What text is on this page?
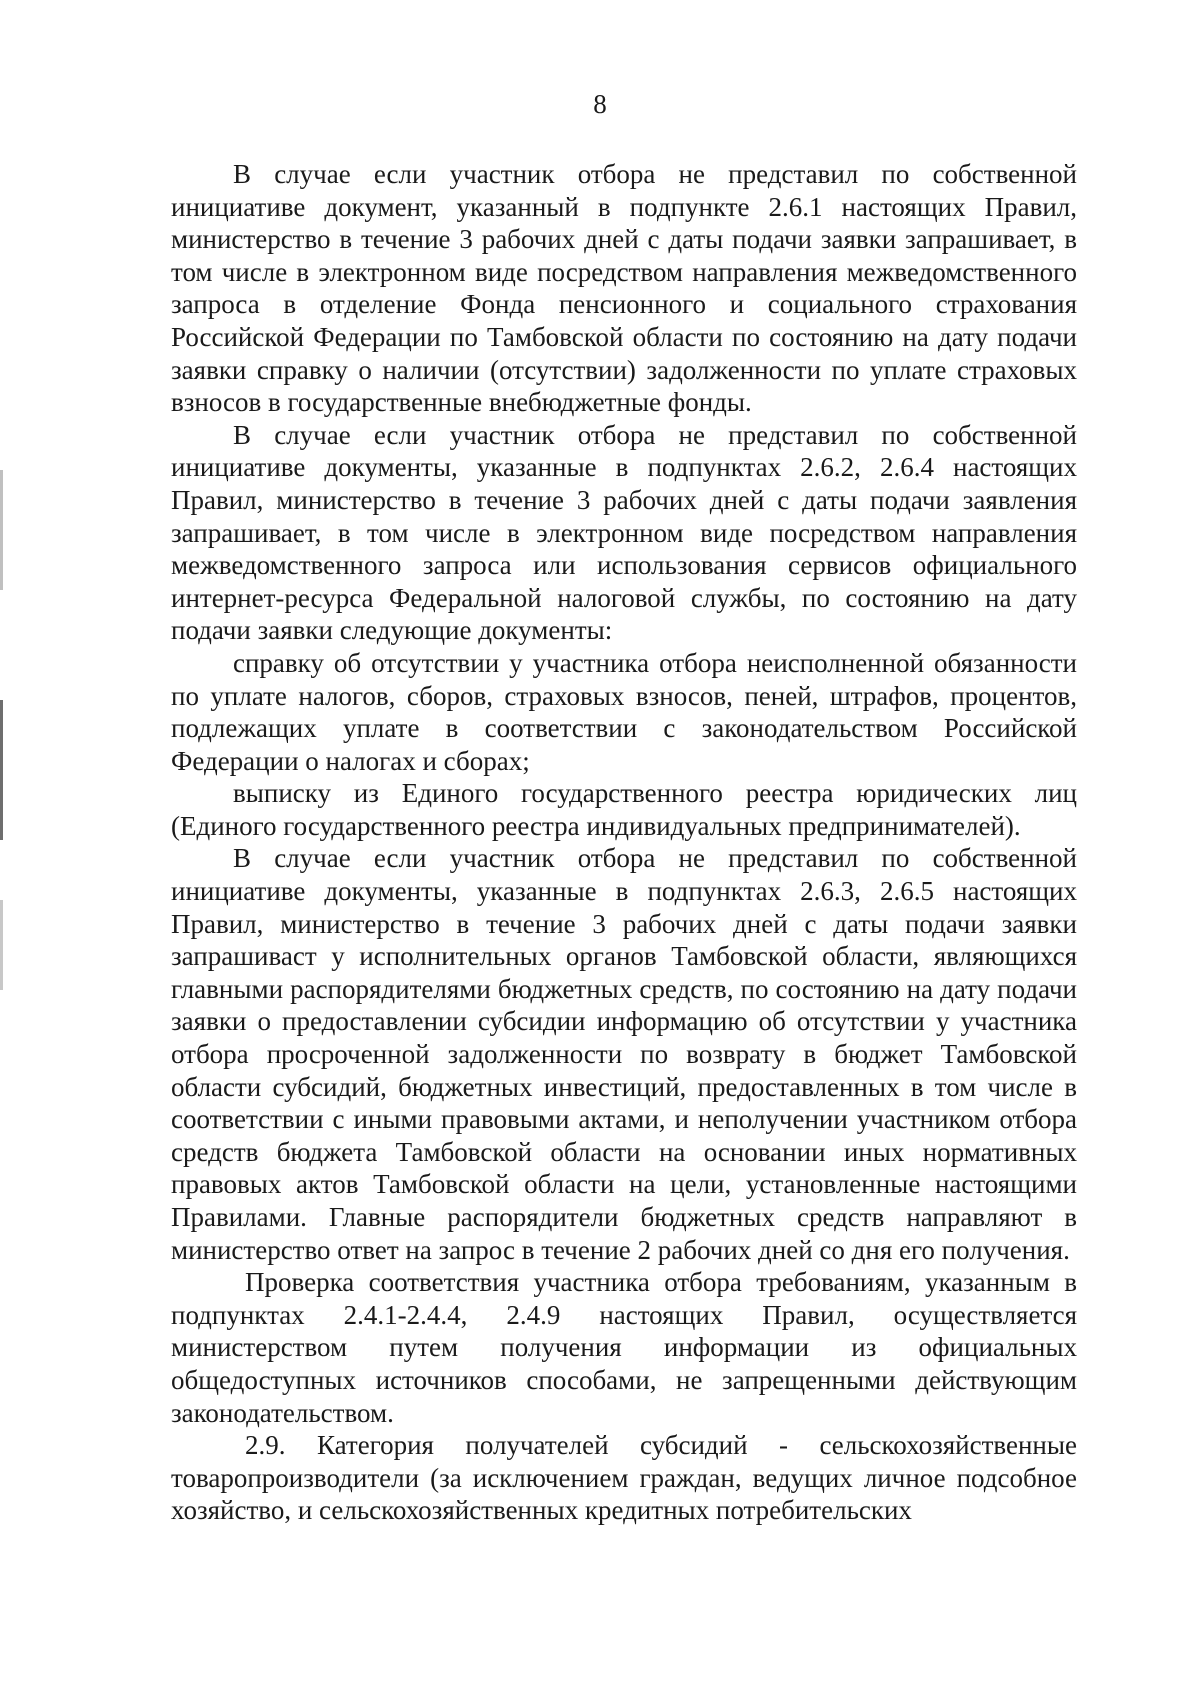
8

В случае если участник отбора не представил по собственной инициативе документ, указанный в подпункте 2.6.1 настоящих Правил, министерство в течение 3 рабочих дней с даты подачи заявки запрашивает, в том числе в электронном виде посредством направления межведомственного запроса в отделение Фонда пенсионного и социального страхования Российской Федерации по Тамбовской области по состоянию на дату подачи заявки справку о наличии (отсутствии) задолженности по уплате страховых взносов в государственные внебюджетные фонды.

В случае если участник отбора не представил по собственной инициативе документы, указанные в подпунктах 2.6.2, 2.6.4 настоящих Правил, министерство в течение 3 рабочих дней с даты подачи заявления запрашивает, в том числе в электронном виде посредством направления межведомственного запроса или использования сервисов официального интернет-ресурса Федеральной налоговой службы, по состоянию на дату подачи заявки следующие документы:

справку об отсутствии у участника отбора неисполненной обязанности по уплате налогов, сборов, страховых взносов, пеней, штрафов, процентов, подлежащих уплате в соответствии с законодательством Российской Федерации о налогах и сборах;

выписку из Единого государственного реестра юридических лиц (Единого государственного реестра индивидуальных предпринимателей).

В случае если участник отбора не представил по собственной инициативе документы, указанные в подпунктах 2.6.3, 2.6.5 настоящих Правил, министерство в течение 3 рабочих дней с даты подачи заявки запрашиваст у исполнительных органов Тамбовской области, являющихся главными распорядителями бюджетных средств, по состоянию на дату подачи заявки о предоставлении субсидии информацию об отсутствии у участника отбора просроченной задолженности по возврату в бюджет Тамбовской области субсидий, бюджетных инвестиций, предоставленных в том числе в соответствии с иными правовыми актами, и неполучении участником отбора средств бюджета Тамбовской области на основании иных нормативных правовых актов Тамбовской области на цели, установленные настоящими Правилами. Главные распорядители бюджетных средств направляют в министерство ответ на запрос в течение 2 рабочих дней со дня его получения.

Проверка соответствия участника отбора требованиям, указанным в подпунктах 2.4.1-2.4.4, 2.4.9 настоящих Правил, осуществляется министерством путем получения информации из официальных общедоступных источников способами, не запрещенными действующим законодательством.

2.9. Категория получателей субсидий - сельскохозяйственные товаропроизводители (за исключением граждан, ведущих личное подсобное хозяйство, и сельскохозяйственных кредитных потребительских
